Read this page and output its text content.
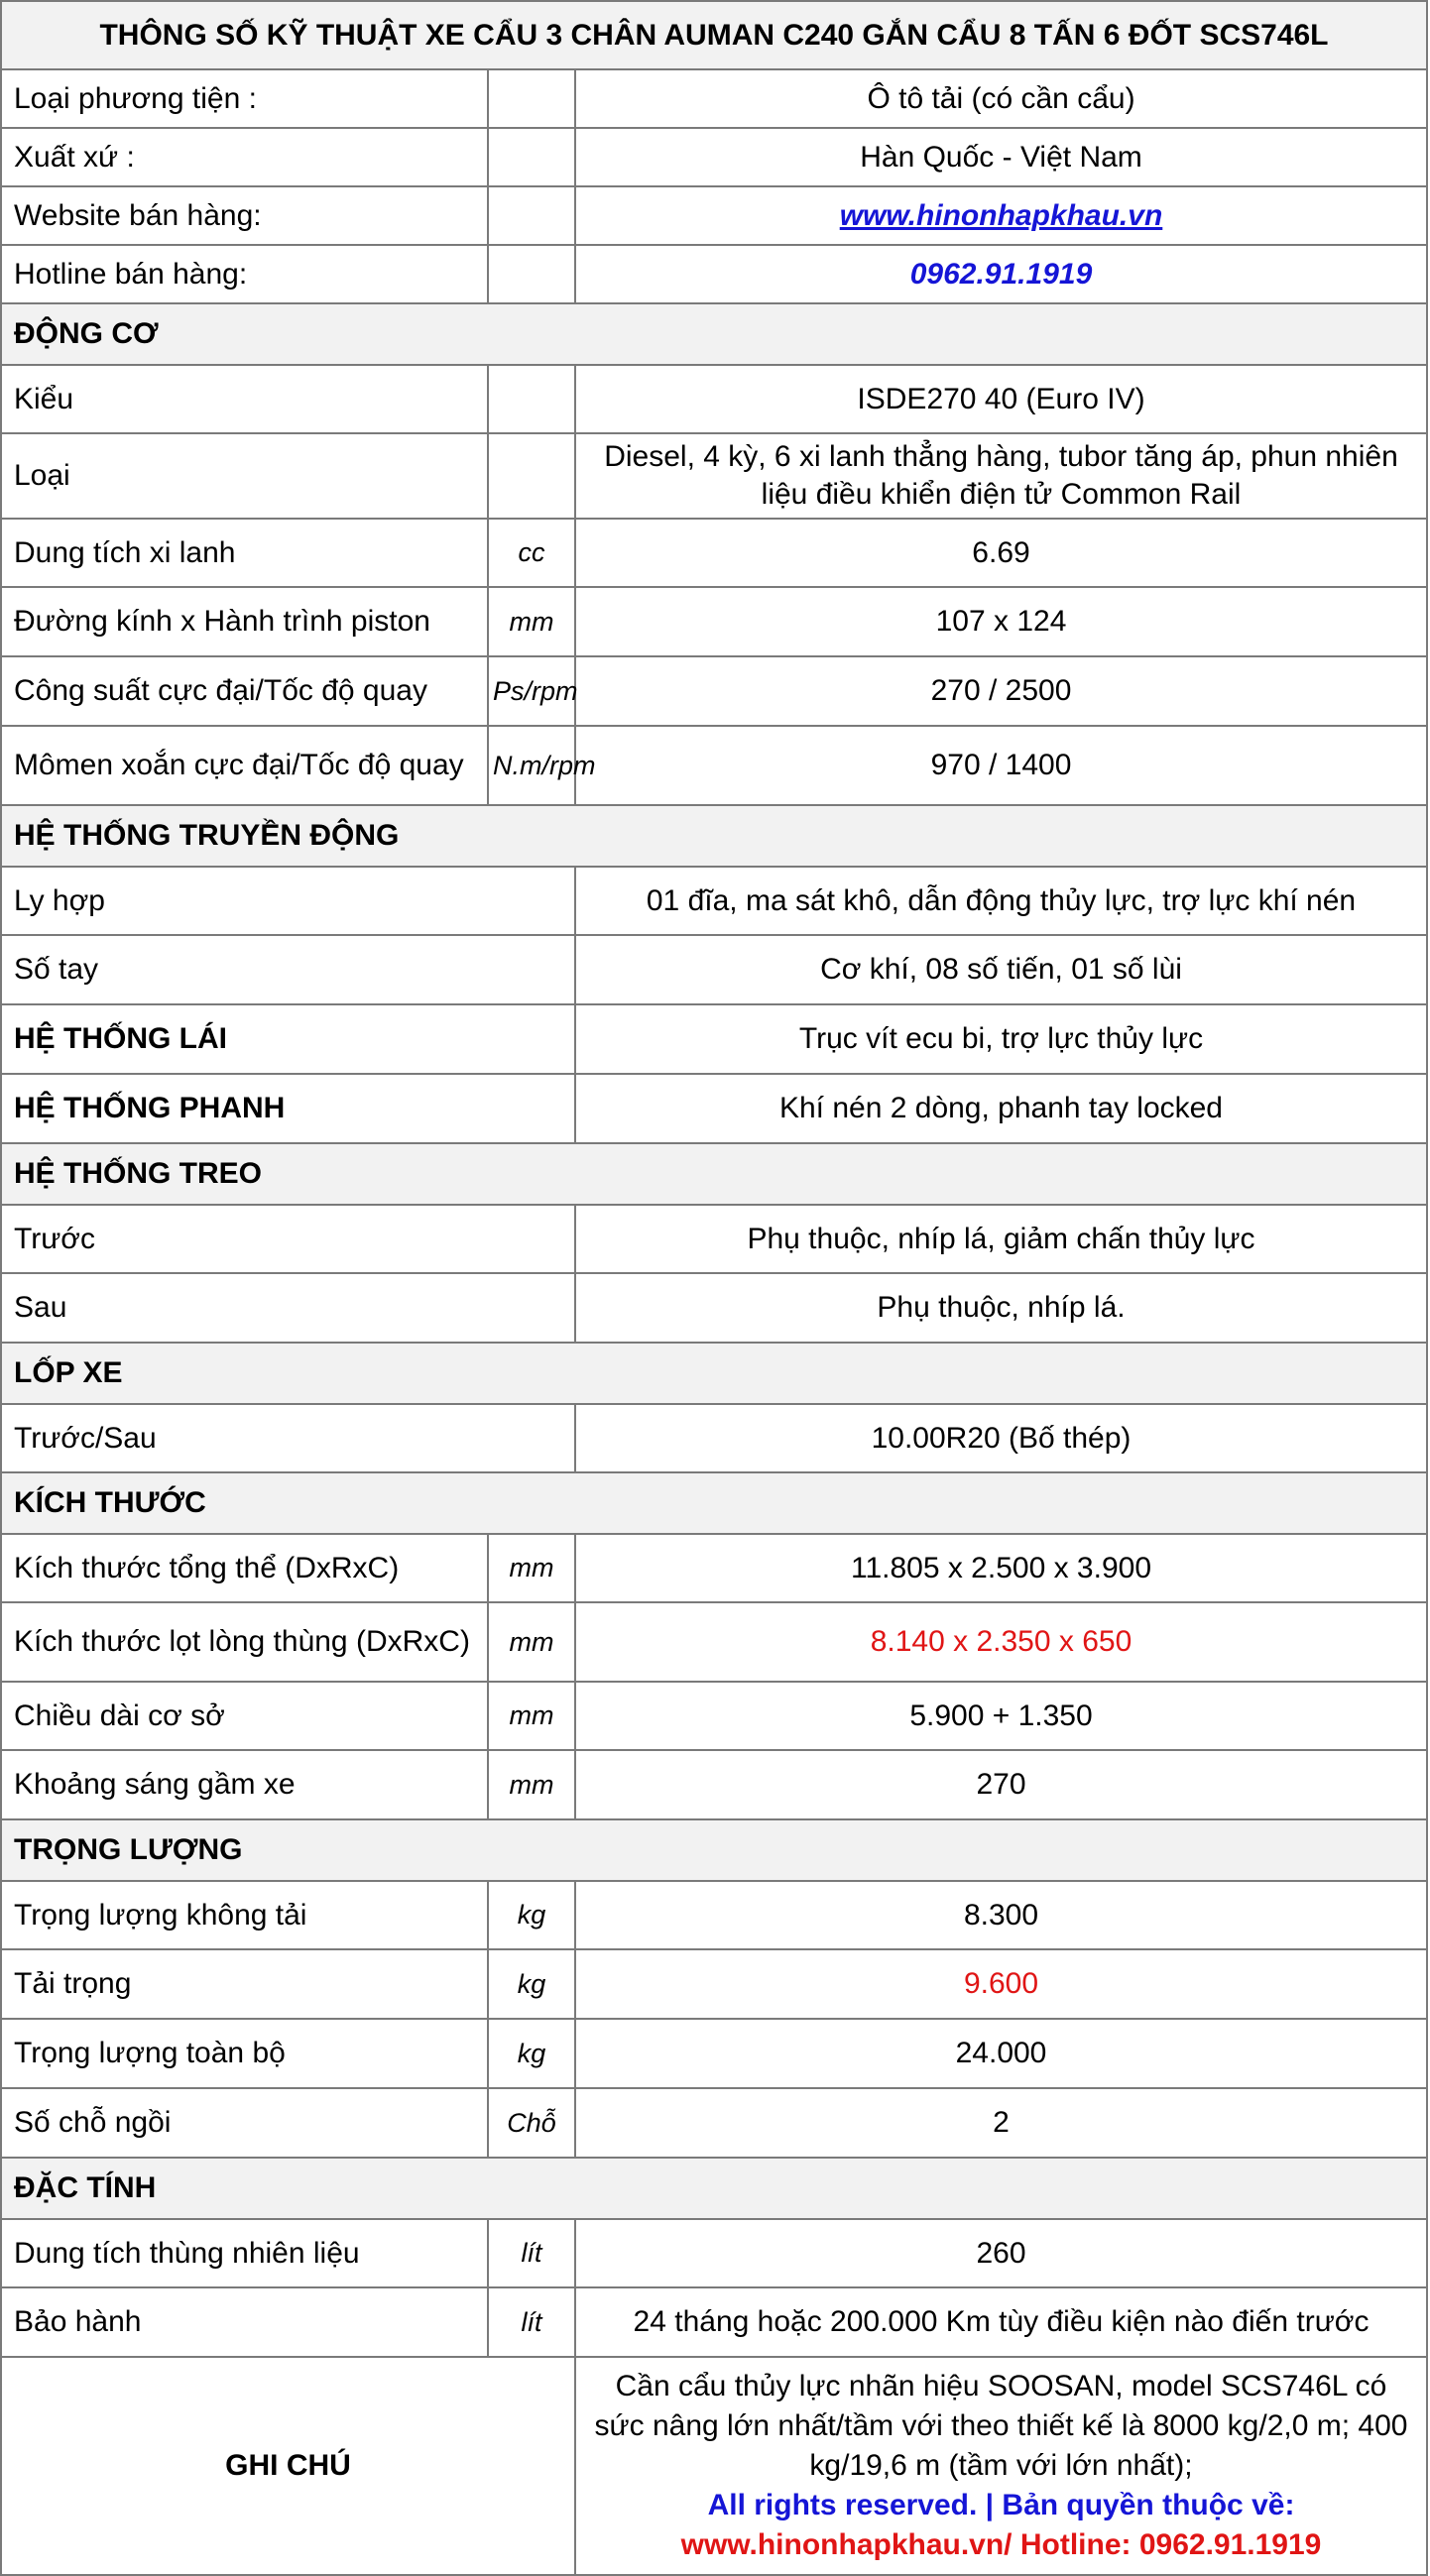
THÔNG SỐ KỸ THUẬT XE CẨU 3 CHÂN AUMAN C240 GẮN CẨU 8 TẤN 6 ĐỐT SCS746L		
Loại phương tiện :		Ô tô tải (có cần cẩu)
Xuất xứ :		Hàn Quốc - Việt Nam
Website bán hàng:		www.hinonhapkhau.vn
Hotline bán hàng:		0962.91.1919
ĐỘNG CƠ		
Kiểu		ISDE270 40 (Euro IV)
Loại		Diesel, 4 kỳ, 6 xi lanh thẳng hàng, tubor tăng áp, phun nhiên liệu điều khiển điện tử Common Rail
Dung tích xi lanh	cc	6.69
Đường kính x Hành trình piston	mm	107 x 124
Công suất cực đại/Tốc độ quay	Ps/rpm	270 / 2500
Mômen xoắn cực đại/Tốc độ quay	N.m/rpm	970 / 1400
HỆ THỐNG TRUYỀN ĐỘNG		
Ly hợp		01 đĩa, ma sát khô, dẫn động thủy lực, trợ lực khí nén
Số tay		Cơ khí, 08 số tiến, 01 số lùi
HỆ THỐNG LÁI		Trục vít ecu bi, trợ lực thủy lực
HỆ THỐNG PHANH		Khí nén 2 dòng, phanh tay locked
HỆ THỐNG TREO		
Trước		Phụ thuộc, nhíp lá, giảm chấn thủy lực
Sau		Phụ thuộc, nhíp lá.
LỐP XE		
Trước/Sau		10.00R20 (Bố thép)
KÍCH THƯỚC		
Kích thước tổng thể (DxRxC)	mm	11.805 x 2.500 x 3.900
Kích thước lọt lòng thùng (DxRxC)	mm	8.140 x 2.350 x 650
Chiều dài cơ sở	mm	5.900 + 1.350
Khoảng sáng gầm xe	mm	270
TRỌNG LƯỢNG		
Trọng lượng không tải	kg	8.300
Tải trọng	kg	9.600
Trọng lượng toàn bộ	kg	24.000
Số chỗ ngồi	Chỗ	2
ĐẶC TÍNH		
Dung tích thùng nhiên liệu	lít	260
Bảo hành	lít	24 tháng hoặc 200.000 Km tùy điều kiện nào điến trước
GHI CHÚ		Cần cẩu thủy lực nhãn hiệu SOOSAN, model SCS746L có sức nâng lớn nhất/tầm với theo thiết kế là 8000 kg/2,0 m; 400 kg/19,6 m (tầm với lớn nhất);
All rights reserved. | Bản quyền thuộc về:
www.hinonhapkhau.vn/ Hotline: 0962.91.1919
